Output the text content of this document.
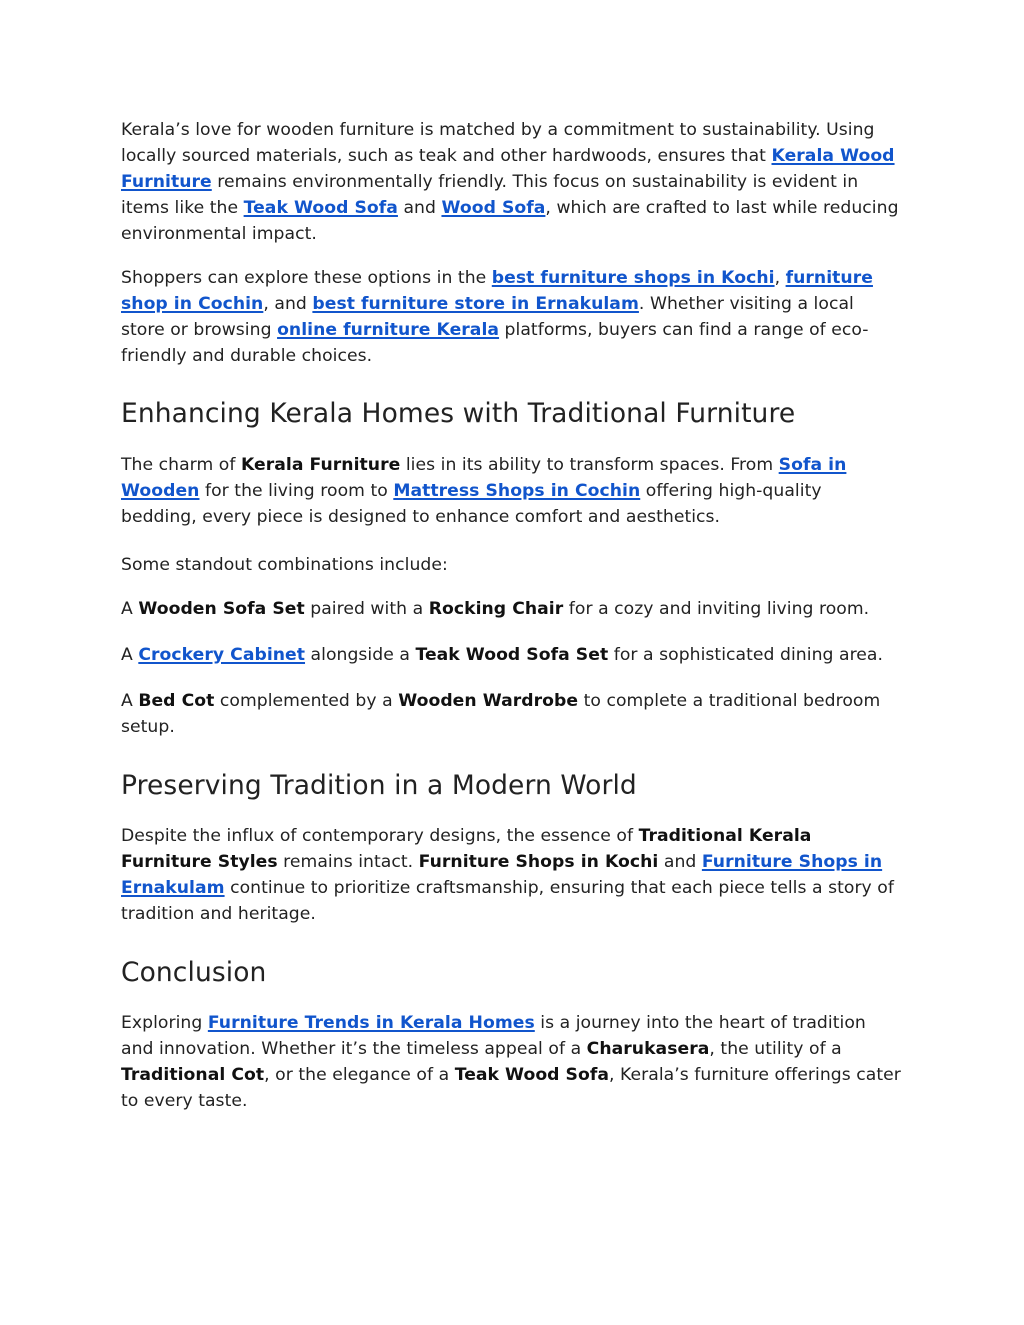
Kerala’s love for wooden furniture is matched by a commitment to sustainability. Using locally sourced materials, such as teak and other hardwoods, ensures that Kerala Wood Furniture remains environmentally friendly. This focus on sustainability is evident in items like the Teak Wood Sofa and Wood Sofa, which are crafted to last while reducing environmental impact.

Shoppers can explore these options in the best furniture shops in Kochi, furniture shop in Cochin, and best furniture store in Ernakulam. Whether visiting a local store or browsing online furniture Kerala platforms, buyers can find a range of eco-friendly and durable choices.

Enhancing Kerala Homes with Traditional Furniture

The charm of Kerala Furniture lies in its ability to transform spaces. From Sofa in Wooden for the living room to Mattress Shops in Cochin offering high-quality bedding, every piece is designed to enhance comfort and aesthetics.

Some standout combinations include:

A Wooden Sofa Set paired with a Rocking Chair for a cozy and inviting living room.

A Crockery Cabinet alongside a Teak Wood Sofa Set for a sophisticated dining area.

A Bed Cot complemented by a Wooden Wardrobe to complete a traditional bedroom setup.

Preserving Tradition in a Modern World

Despite the influx of contemporary designs, the essence of Traditional Kerala Furniture Styles remains intact. Furniture Shops in Kochi and Furniture Shops in Ernakulam continue to prioritize craftsmanship, ensuring that each piece tells a story of tradition and heritage.

Conclusion

Exploring Furniture Trends in Kerala Homes is a journey into the heart of tradition and innovation. Whether it’s the timeless appeal of a Charukasera, the utility of a Traditional Cot, or the elegance of a Teak Wood Sofa, Kerala’s furniture offerings cater to every taste.
